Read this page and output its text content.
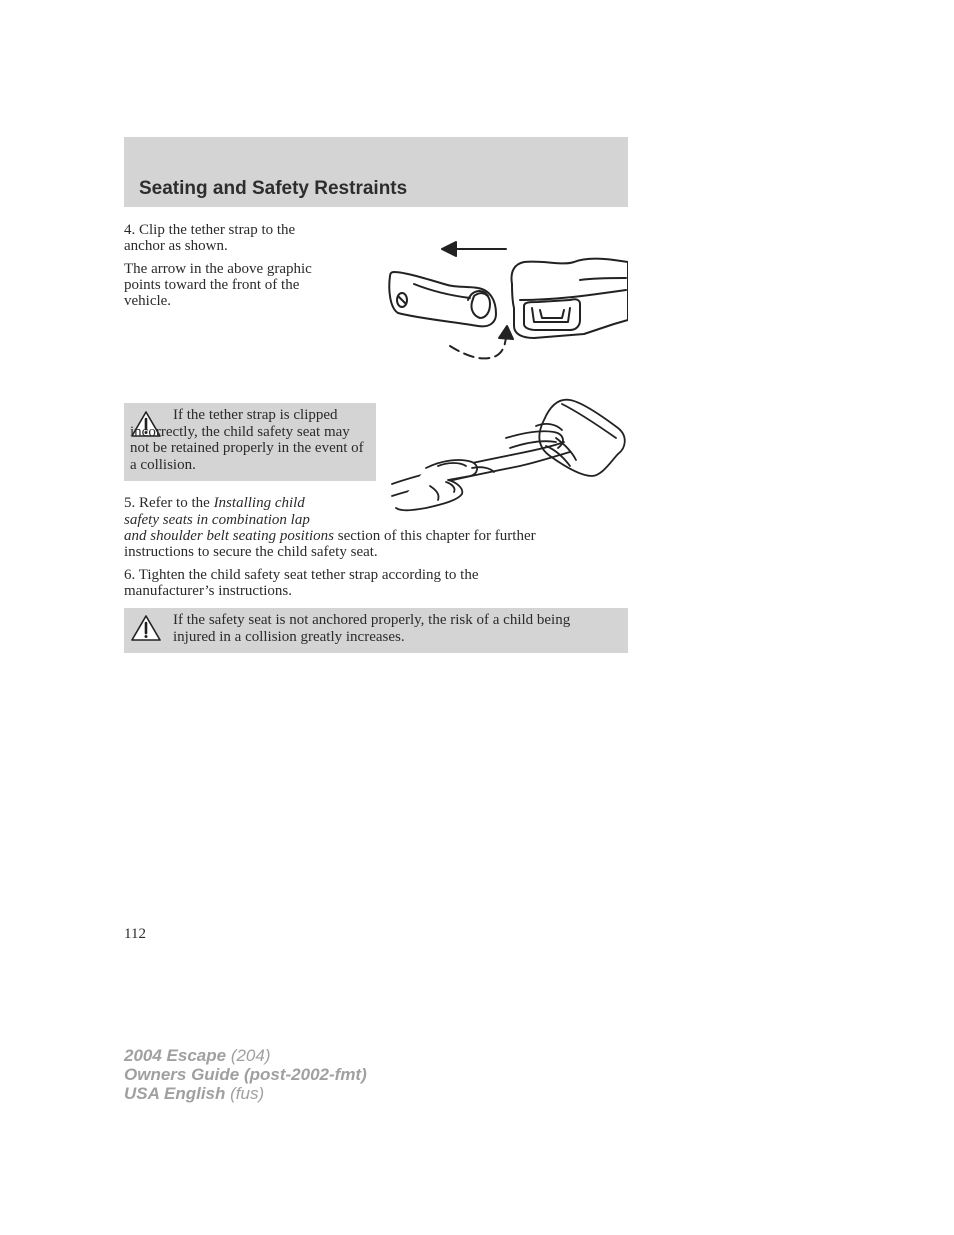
Seating and Safety Restraints
4. Clip the tether strap to the anchor as shown.
The arrow in the above graphic points toward the front of the vehicle.
If the tether strap is clipped incorrectly, the child safety seat may not be retained properly in the event of a collision.
5. Refer to the Installing child
safety seats in combination lap
and shoulder belt seating positions section of this chapter for further
instructions to secure the child safety seat.
6. Tighten the child safety seat tether strap according to the manufacturer’s instructions.
If the safety seat is not anchored properly, the risk of a child being injured in a collision greatly increases.
112
2004 Escape (204)
Owners Guide (post-2002-fmt)
USA English (fus)
